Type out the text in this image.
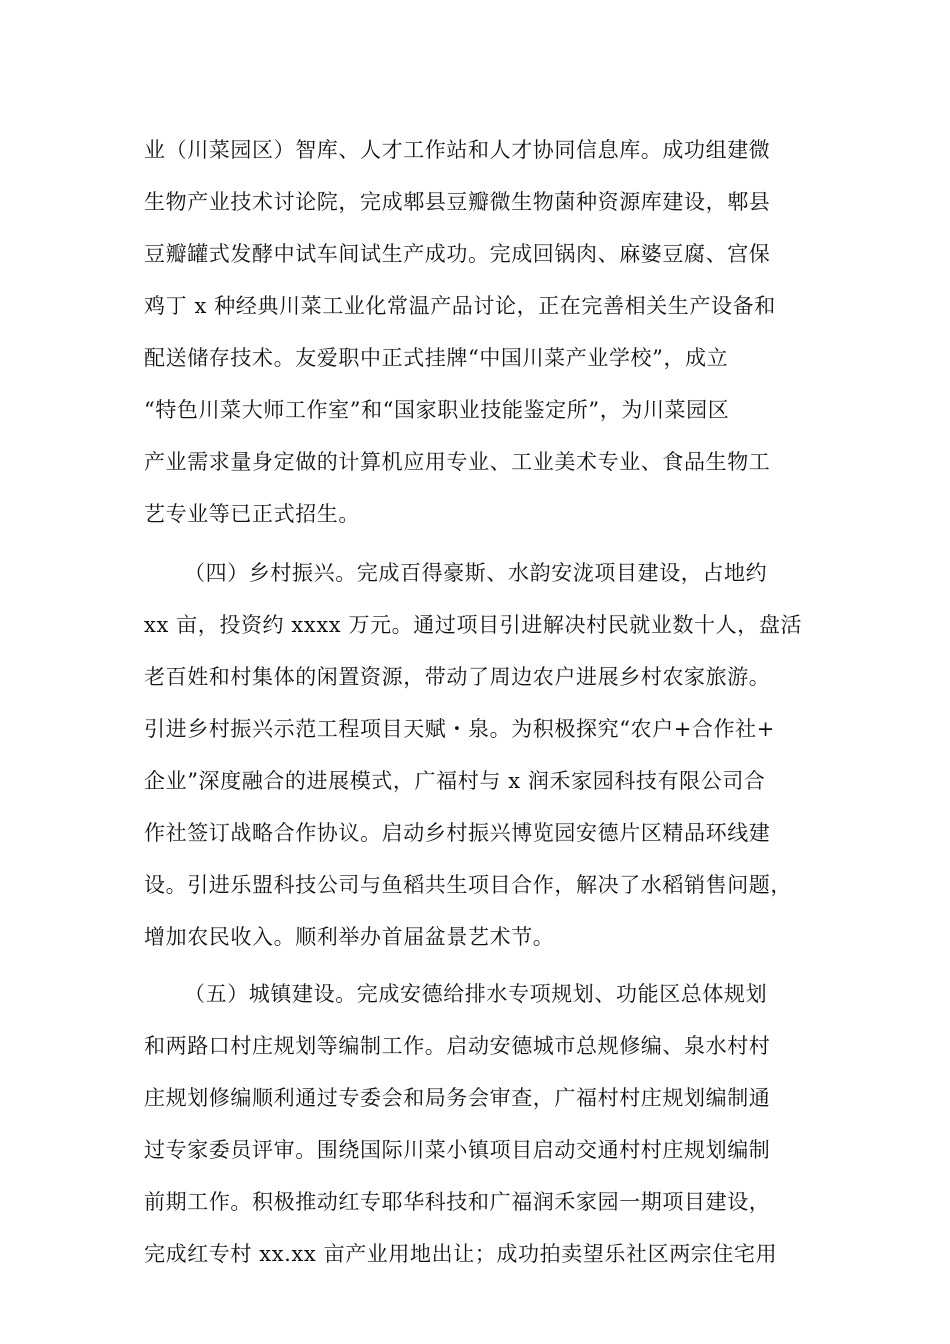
业（川菜园区）智库、人才工作站和人才协同信息库。成功组建微
生物产业技术讨论院，完成郫县豆瓣微生物菌种资源库建设，郫县
豆瓣罐式发酵中试车间试生产成功。完成回锅肉、麻婆豆腐、宫保
鸡丁 x 种经典川菜工业化常温产品讨论，正在完善相关生产设备和
配送储存技术。友爱职中正式挂牌“中国川菜产业学校”，成立
“特色川菜大师工作室”和“国家职业技能鉴定所”，为川菜园区
产业需求量身定做的计算机应用专业、工业美术专业、食品生物工
艺专业等已正式招生。
（四）乡村振兴。完成百得豪斯、水韵安泷项目建设，占地约
xx 亩，投资约 xxxx 万元。通过项目引进解决村民就业数十人，盘活
老百姓和村集体的闲置资源，带动了周边农户进展乡村农家旅游。
引进乡村振兴示范工程项目天赋・泉。为积极探究“农户+合作社+
企业”深度融合的进展模式，广福村与 x 润禾家园科技有限公司合
作社签订战略合作协议。启动乡村振兴博览园安德片区精品环线建
设。引进乐盟科技公司与鱼稻共生项目合作，解决了水稻销售问题，
增加农民收入。顺利举办首届盆景艺术节。
（五）城镇建设。完成安德给排水专项规划、功能区总体规划
和两路口村庄规划等编制工作。启动安德城市总规修编、泉水村村
庄规划修编顺利通过专委会和局务会审查，广福村村庄规划编制通
过专家委员评审。围绕国际川菜小镇项目启动交通村村庄规划编制
前期工作。积极推动红专耶华科技和广福润禾家园一期项目建设，
完成红专村 xx.xx 亩产业用地出让；成功拍卖望乐社区两宗住宅用
